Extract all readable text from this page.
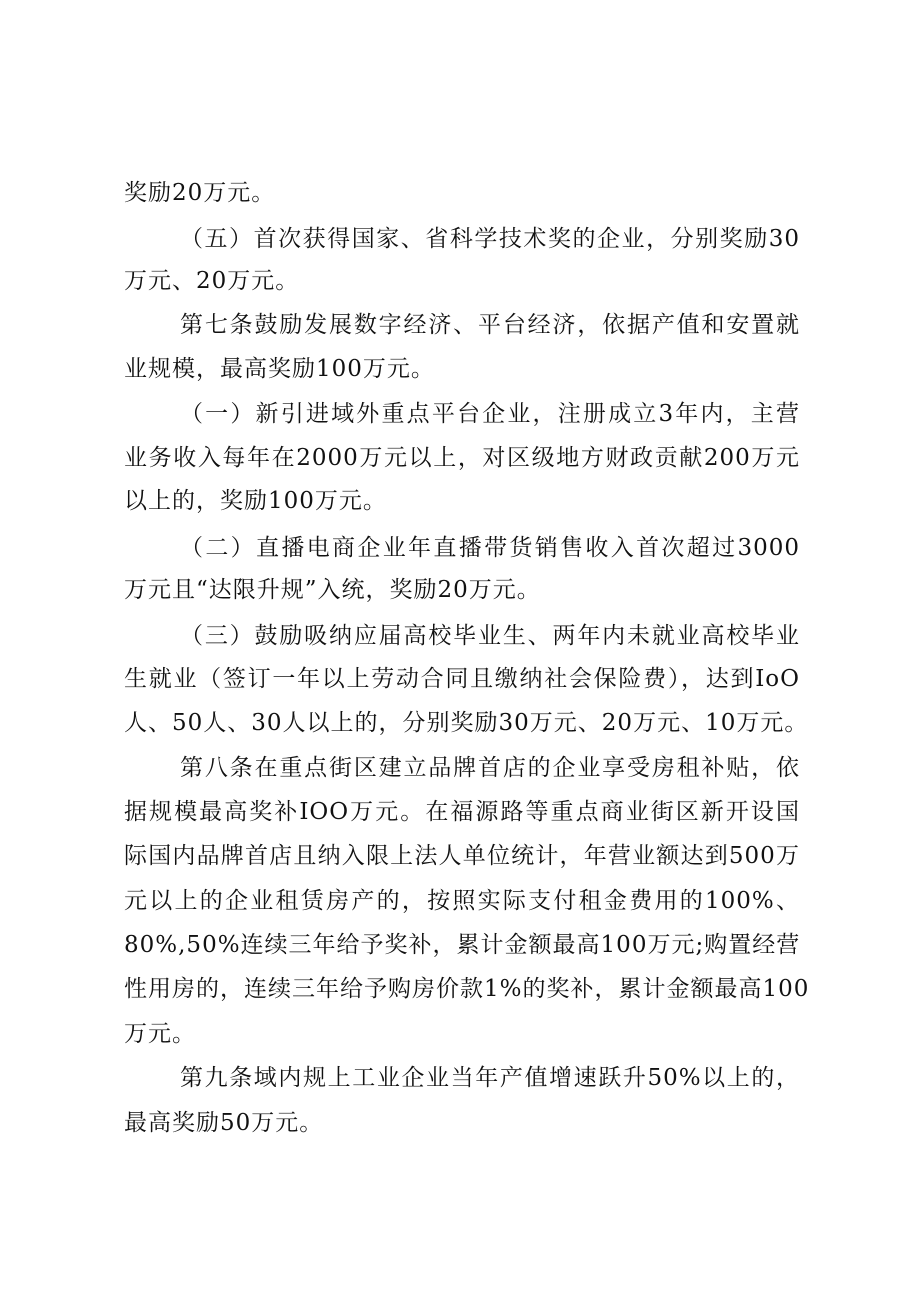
奖励20万元。
（五）首次获得国家、省科学技术奖的企业，分别奖励30
万元、20万元。
第七条鼓励发展数字经济、平台经济，依据产值和安置就
业规模，最高奖励100万元。
（一）新引进域外重点平台企业，注册成立3年内，主营
业务收入每年在2000万元以上，对区级地方财政贡献200万元
以上的，奖励100万元。
（二）直播电商企业年直播带货销售收入首次超过3000
万元且“达限升规”入统，奖励20万元。
（三）鼓励吸纳应届高校毕业生、两年内未就业高校毕业
生就业（签订一年以上劳动合同且缴纳社会保险费），达到IoO
人、50人、30人以上的，分别奖励30万元、20万元、10万元。
第八条在重点街区建立品牌首店的企业享受房租补贴，依
据规模最高奖补IOO万元。在福源路等重点商业街区新开设国
际国内品牌首店且纳入限上法人单位统计，年营业额达到500万
元以上的企业租赁房产的，按照实际支付租金费用的100%、
80%,50%连续三年给予奖补，累计金额最高100万元;购置经营
性用房的，连续三年给予购房价款1%的奖补，累计金额最高100
万元。
第九条域内规上工业企业当年产值增速跃升50%以上的，
最高奖励50万元。
